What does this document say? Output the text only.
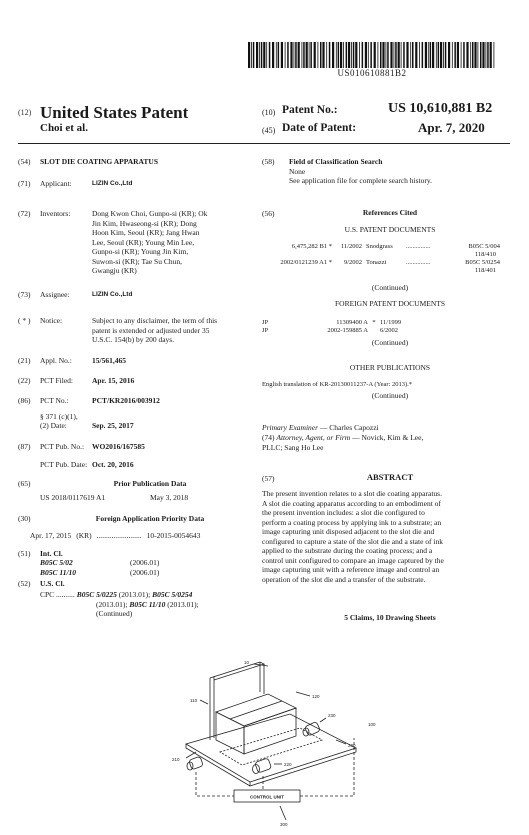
US010610881B2
(12) United States Patent
Choi et al.
(10) Patent No.:	US 10,610,881 B2
(45) Date of Patent:	Apr. 7, 2020
(54)	SLOT DIE COATING APPARATUS
(71)	Applicant:	LIZIN Co.,Ltd
(72)	Inventors:	Dong Kwon Choi, Gunpo-si (KR); Ok
Jin Kim, Hwaseong-si (KR); Dong
Hoon Kim, Seoul (KR); Jang Hwan
Lee, Seoul (KR); Young Min Lee,
Gunpo-si (KR); Young Jin Kim,
Suwon-si (KR); Tae Su Chun,
Gwangju (KR)
(73)	Assignee:	LIZIN Co.,Ltd
( * )	Notice:	Subject to any disclaimer, the term of this
patent is extended or adjusted under 35
U.S.C. 154(b) by 200 days.
(21)	Appl. No.:	15/561,465
(22)	PCT Filed:	Apr. 15, 2016
(86)	PCT No.:	PCT/KR2016/003912
§ 371 (c)(1),
(2) Date:	Sep. 25, 2017
(87)	PCT Pub. No.:	WO2016/167585
PCT Pub. Date: Oct. 20, 2016
(65)	Prior Publication Data
US 2018/0117619 A1	May 3, 2018
(30)	Foreign Application Priority Data
Apr. 17, 2015 (KR) ........................ 10-2015-0054643
(51)	Int. Cl.
B05C 5/02	(2006.01)
B05C 11/10	(2006.01)
(52)	U.S. Cl.
CPC .......... B05C 5/0225 (2013.01); B05C 5/0254
(2013.01); B05C 11/10 (2013.01);
(Continued)
(58)	Field of Classification Search
None
See application file for complete search history.
(56)	References Cited
U.S. PATENT DOCUMENTS
6,475,282 B1 *	11/2002 Snodgrass	...............	B05C 5/004
118/410
2002/0121239 A1 *	9/2002 Tonazzi	...............	B05C 5/0254
118/401
(Continued)
FOREIGN PATENT DOCUMENTS
JP	11309400 A * 11/1999
JP	2002-159885 A 6/2002
(Continued)
OTHER PUBLICATIONS
English translation of KR-20130011237-A (Year: 2013).*
(Continued)
Primary Examiner — Charles Capozzi
(74) Attorney, Agent, or Firm — Novick, Kim & Lee,
PLLC; Sang Ho Lee
(57)	ABSTRACT
The present invention relates to a slot die coating apparatus.
A slot die coating apparatus according to an embodiment of
the present invention includes: a slot die configured to
perform a coating process by applying ink to a substrate; an
image capturing unit disposed adjacent to the slot die and
configured to capture a state of the slot die and a state of ink
applied to the substrate during the coating process; and a
control unit configured to compare an image captured by the
image capturing unit with a reference image and control an
operation of the slot die and a transfer of the substrate.
5 Claims, 10 Drawing Sheets
10
110
120
230
210
220
200
300
100
CONTROL UNIT
